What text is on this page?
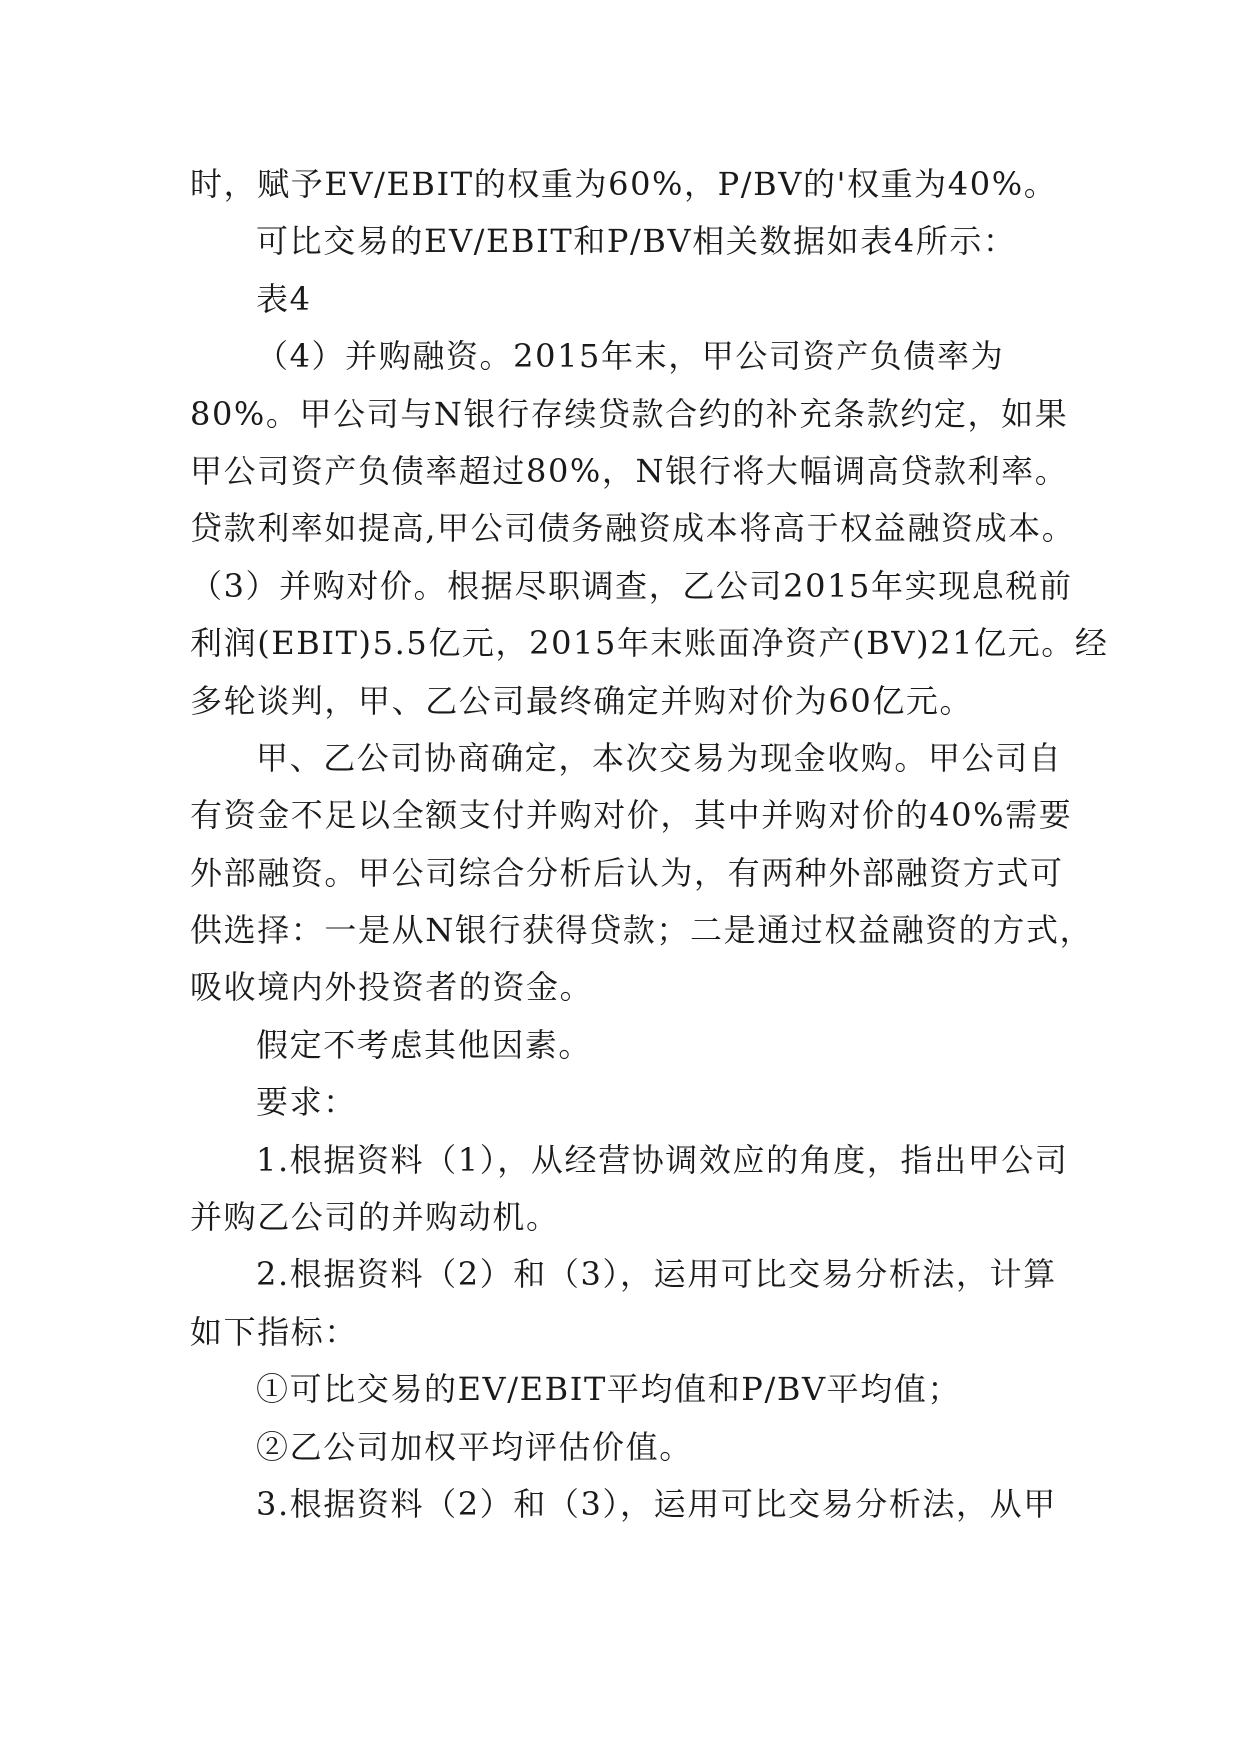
时，赋予EV/EBIT的权重为60%，P/BV的'权重为40%。
可比交易的EV/EBIT和P/BV相关数据如表4所示：
表4
（4）并购融资。2015年末，甲公司资产负债率为
80%。甲公司与N银行存续贷款合约的补充条款约定，如果
甲公司资产负债率超过80%，N银行将大幅调高贷款利率。
贷款利率如提高,甲公司债务融资成本将高于权益融资成本。
（3）并购对价。根据尽职调查，乙公司2015年实现息税前
利润(EBIT)5.5亿元，2015年末账面净资产(BV)21亿元。经
多轮谈判，甲、乙公司最终确定并购对价为60亿元。
甲、乙公司协商确定，本次交易为现金收购。甲公司自
有资金不足以全额支付并购对价，其中并购对价的40%需要
外部融资。甲公司综合分析后认为，有两种外部融资方式可
供选择：一是从N银行获得贷款；二是通过权益融资的方式，
吸收境内外投资者的资金。
假定不考虑其他因素。
要求：
1.根据资料（1），从经营协调效应的角度，指出甲公司
并购乙公司的并购动机。
2.根据资料（2）和（3），运用可比交易分析法，计算
如下指标：
①可比交易的EV/EBIT平均值和P/BV平均值；
②乙公司加权平均评估价值。
3.根据资料（2）和（3），运用可比交易分析法，从甲
